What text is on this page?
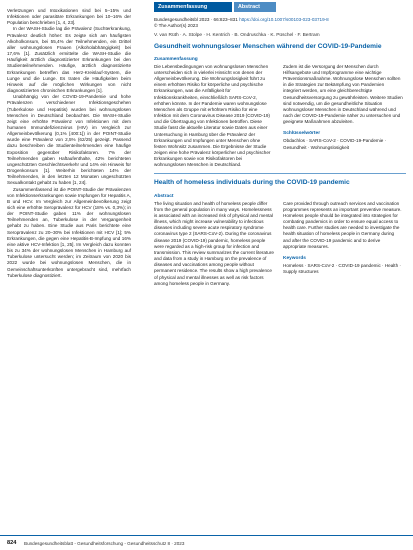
Verletzungen und Intoxikationen sind bei 5–15% und Infektionen oder parasitäre Erkrankungen bei 10–16% der Population beschrieben [1, 4, 23].

In der WASH-Studie lag die Prävalenz (Suchterkrankung, Prävalenz deutlich höher: Es zeigte sich am häufigsten Alkoholkonsum, bei 55,4% der Teilnehmenden, ein Drittel aller wohnungslosen Frauen (Alkoholabhängigkeit) bei 17,6% [1]. Zusätzlich ermittelte die WASH-Studie die Häufigkeit ärztlich diagnostizierter Erkrankungen bei den Studienteilnehmenden. Häufige, ärztlich diagnostizierte Erkrankungen betreffen das Herz-Kreislauf-System, die Lunge und die Lunge. Es traten die Häufigkeiten beim Hinweis auf die möglichen Wirkungen von nicht diagnostizierten chronischen Erkrankungen [1].

Unabhängig von der COVID-19-Pandemie und hohe Prävalenzen verschiedener Infektionsgeschehen (Tuberkulose und Hepatitis) wurden bei wohnungslosen Menschen in Deutschland beobachtet. Die WASH-Studie zeigt eine erhöhte Prävalenz von Infektionen mit dem humanen Immundefizienzvirus (HIV) im Vergleich zur Allgemeinbevölkerung (0,1% [400:1]) in der POINT-Studie wurde eine Prävalenz von 2,5% (62/25) gezeigt. Passend dazu beschreiben die Studienteilnehmenden eine häufige Exposition gegenüber Risikofaktoren. 7% der Teilnehmenden gaben Haftaufenthalte, 42% berichteten ungeschützten Geschlechtsverkehr und 14% ein Hinweis für Drogenkonsum [1]. Weiterhin berichteten 14% der Teilnehmenden, in den letzten 12 Monaten ungeschützten Sexualkontakt gehabt zu haben [1, 24].

Zusammenfassend ist die POINT-Studie der Prävalenzen von Infektionserkrankungen sowie Impfungen für Hepatitis A, B und HCV. Im Vergleich zur Allgemeinbevölkerung zeigt sich eine erhöhte Seroprävalenz für HCV (18% vs. 0,3%); in der POINT-Studie gaben 11% der wohnungslosen Teilnehmenden an, Tuberkulose in der Vergangenheit gehabt zu haben. Eine Studie aus Paris berichtete eine Seroprävalenz zu 20–30% bei Infektionen mit HCV [1]; 5% Erkrankungen, die gegen eine Hepatitis-B-Impfung und 16% eine aktive HCV-Infektion [1, 25]. Im Vergleich dazu konnten bis zu 34% der wohnungslosen Menschen in Hamburg auf Tuberkulose untersucht werden; im Zeitraum von 2020 bis 2022 wurde bei wohnungslosen Menschen, die in Gemeinschaftsunterkünften untergebracht sind, mehrfach Tuberkulose diagnostiziert.

Zusammenfassung	Abstract
Bundesgesundheitsbl 2023 · 66:823–831 https://doi.org/10.1007/s00103-023-03719-8
© The Author(s) 2023
V. van Rüth · A. Stolpe · H. Kentrich · B. Ondruschka · K. Püschel · F. Bertram
Gesundheit wohnungsloser Menschen während der COVID-19-Pandemie
Zusammenfassung

Die Lebensbedingungen von wohnungslosen Menschen unterscheiden sich in vielerlei Hinsicht von denen der Allgemeinbevölkerung. Die Wohnungslosigkeit führt zu einem erhöhten Risiko für körperliche und psychische Erkrankungen, was die Anfälligkeit für Infektionskrankheiten, einschließlich SARS-CoV-2, erhöhen könnte. In der Pandemie waren wohnungslose Menschen als Gruppe mit erhöhtem Risiko für eine Infektion mit dem Coronavirus Disease 2019 (COVID-19) und die Übertragung von Infektionen betroffen. Diese Studie fasst die aktuelle Literatur sowie Daten aus einer Untersuchung in Hamburg über die Prävalenz der Erkrankungen und Impfungen unter Menschen ohne festen Wohnsitz zusammen. Die Ergebnisse der Studie zeigen eine hohe Prävalenz körperlicher und psychischer Erkrankungen sowie von Risikofaktoren bei wohnungslosen Menschen in Deutschland.

Zudem ist die Versorgung der Menschen durch Hilfsangebote und Impfprogramme eine wichtige Präventionsmaßnahme. Wohnungslose Menschen sollten in die Strategien zur Bekämpfung von Pandemien integriert werden, um eine gleichberechtigte Gesundheitsversorgung zu gewährleisten. Weitere Studien sind notwendig, um die gesundheitliche Situation wohnungsloser Menschen in Deutschland während und nach der COVID-19-Pandemie näher zu untersuchen und geeignete Maßnahmen abzuleiten.

Schlüsselwörter

Obdachlos · SARS-CoV-2 · COVID-19-Pandemie · Gesundheit · Wohnungslosigkeit

Health of homeless individuals during the COVID-19 pandemic
Abstract

The living situation and health of homeless people differ from the general population in many ways. Homelessness is associated with an increased risk of physical and mental illness, which might increase vulnerability to infectious diseases including severe acute respiratory syndrome coronavirus type 2 (SARS-CoV-2). During the coronavirus disease 2019 (COVID-19) pandemic, homeless people were regarded as a high-risk group for infection and transmission. This review summarizes the current literature and data from a study in Hamburg on the prevalence of diseases and vaccinations among people without permanent residence. The results show a high prevalence of physical and mental illnesses as well as risk factors among homeless people in Germany.

Care provided through outreach services and vaccination programmes represents an important preventive measure. Homeless people should be integrated into strategies for combating pandemics in order to ensure equal access to health care. Further studies are needed to investigate the health situation of homeless people in Germany during and after the COVID-19 pandemic and to derive appropriate measures.

Keywords

Homeless · SARS-CoV-2 · COVID-19 pandemic · Health · Supply structures

824 Bundesgesundheitsblatt - Gesundheitsforschung - Gesundheitsschutz 8 · 2023
